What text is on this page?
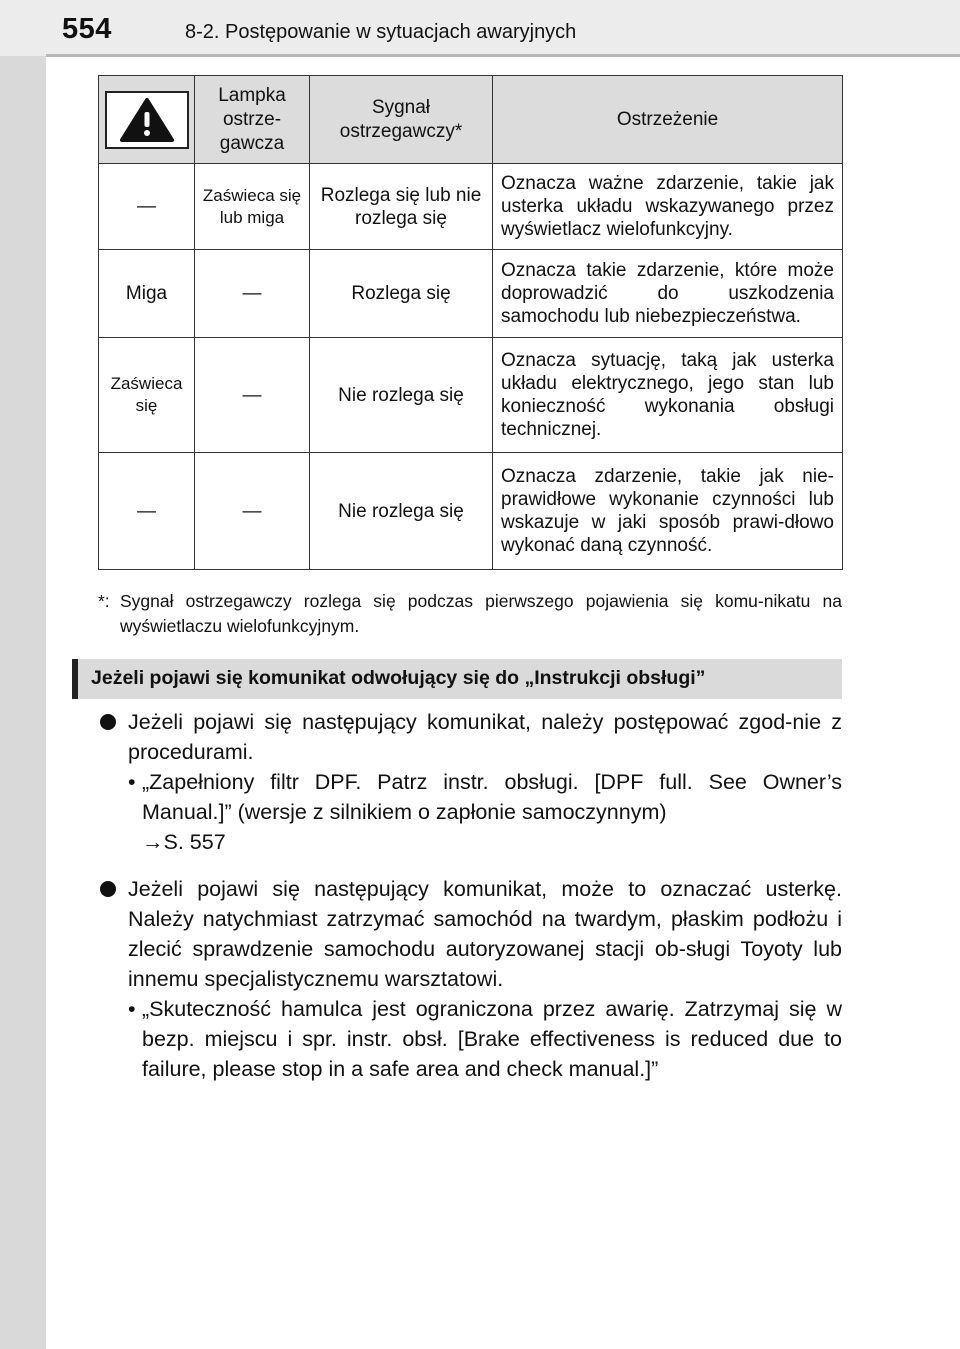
554	8-2. Postępowanie w sytuacjach awaryjnych
	Lampka ostrze-gawcza	Sygnał ostrzegawczy*	Ostrzeżenie
—	Zaświeca się lub miga	Rozlega się lub nie rozlega się	Oznacza ważne zdarzenie, takie jak usterka układu wskazywanego przez wyświetlacz wielofunkcyjny.
Miga	—	Rozlega się	Oznacza takie zdarzenie, które może doprowadzić do uszkodzenia samochodu lub niebezpieczeństwa.
Zaświeca się	—	Nie rozlega się	Oznacza sytuację, taką jak usterka układu elektrycznego, jego stan lub konieczność wykonania obsługi technicznej.
—	—	Nie rozlega się	Oznacza zdarzenie, takie jak nie-prawidłowe wykonanie czynności lub wskazuje w jaki sposób prawi-dłowo wykonać daną czynność.
*: Sygnał ostrzegawczy rozlega się podczas pierwszego pojawienia się komu-nikatu na wyświetlaczu wielofunkcyjnym.
Jeżeli pojawi się komunikat odwołujący się do „Instrukcji obsługi”
Jeżeli pojawi się następujący komunikat, należy postępować zgod-nie z procedurami.
• „Zapełniony filtr DPF. Patrz instr. obsługi. [DPF full. See Owner’s Manual.]” (wersje z silnikiem o zapłonie samoczynnym)
→S. 557
Jeżeli pojawi się następujący komunikat, może to oznaczać usterkę. Należy natychmiast zatrzymać samochód na twardym, płaskim podłożu i zlecić sprawdzenie samochodu autoryzowanej stacji ob-sługi Toyoty lub innemu specjalistycznemu warsztatowi.
• „Skuteczność hamulca jest ograniczona przez awarię. Zatrzymaj się w bezp. miejscu i spr. instr. obsł. [Brake effectiveness is reduced due to failure, please stop in a safe area and check manual.]”
